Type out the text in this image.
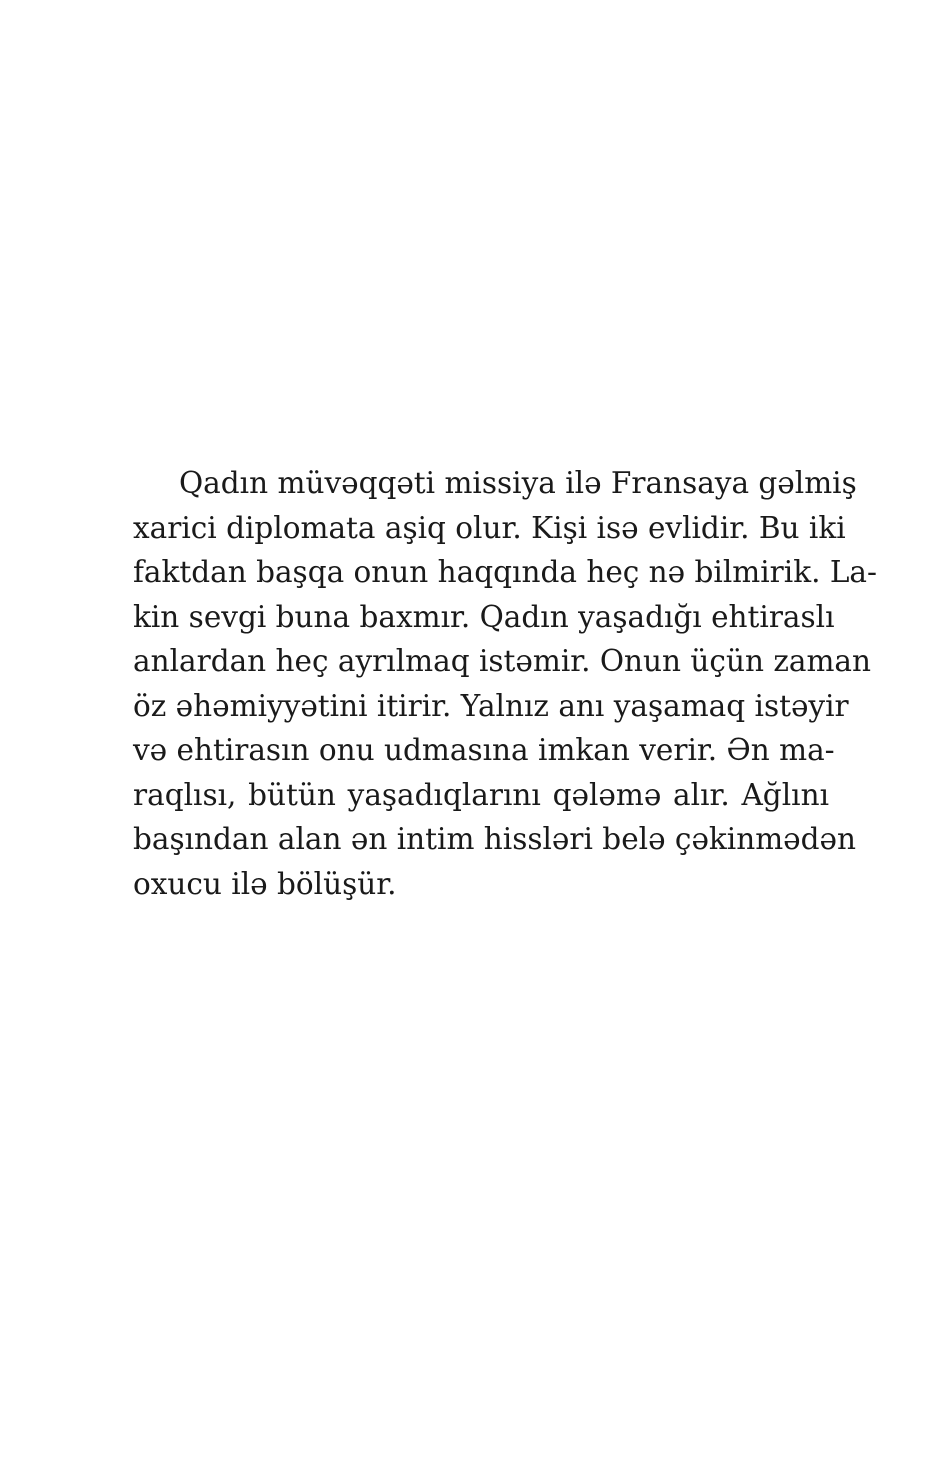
Qadın müvəqqəti missiya ilə Fransaya gəlmiş
xarici diplomata aşiq olur. Kişi isə evlidir. Bu iki
faktdan başqa onun haqqında heç nə bilmirik. La-
kin sevgi buna baxmır. Qadın yaşadığı ehtiraslı
anlardan heç ayrılmaq istəmir. Onun üçün zaman
öz əhəmiyyətini itirir. Yalnız anı yaşamaq istəyir
və ehtirasın onu udmasına imkan verir. Ən ma-
raqlısı, bütün yaşadıqlarını qələmə alır. Ağlını
başından alan ən intim hissləri belə çəkinmədən
oxucu ilə bölüşür.
